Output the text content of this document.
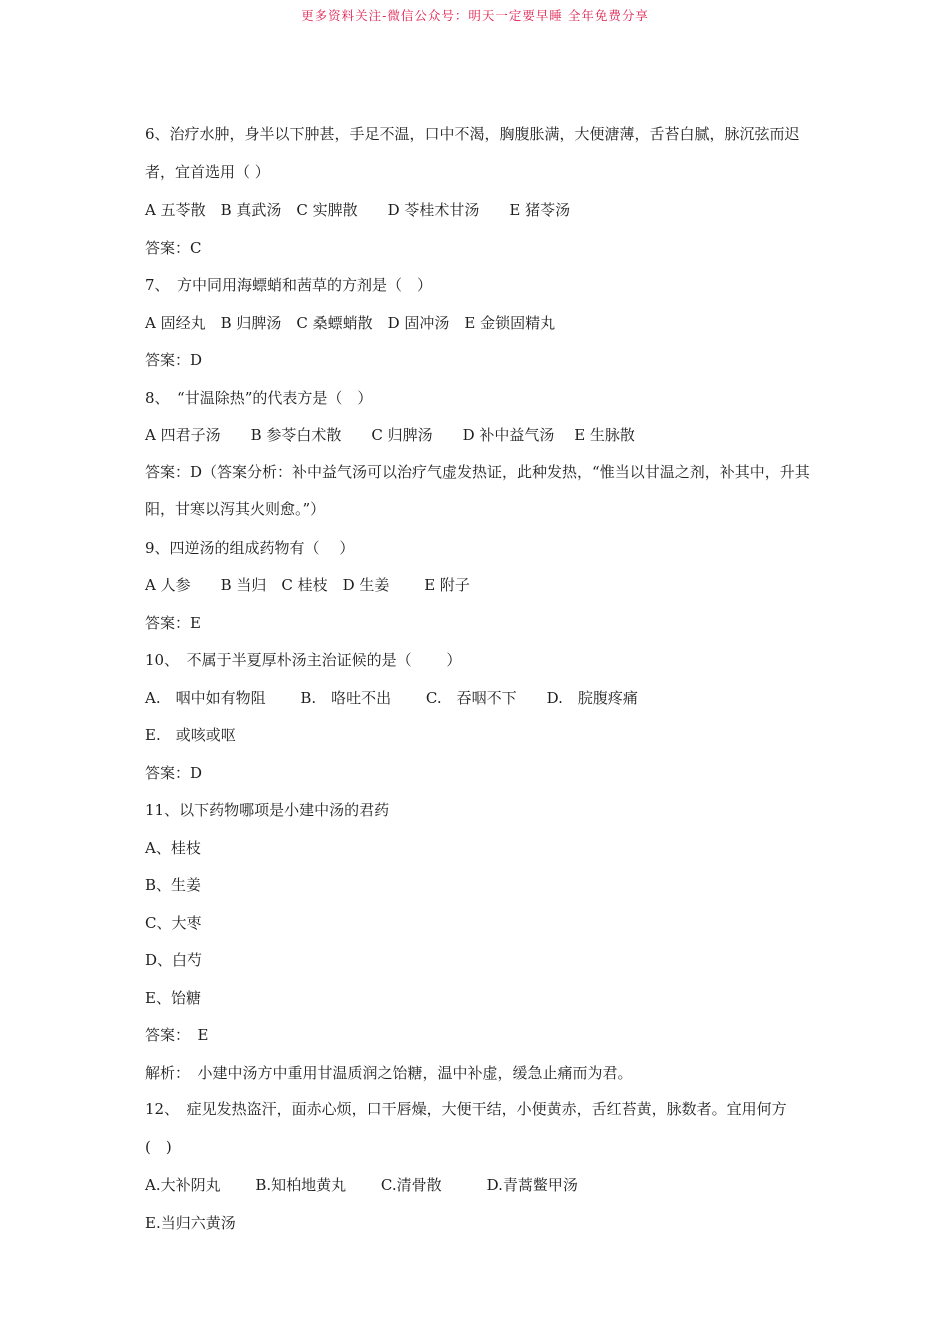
更多资料关注-微信公众号：明天一定要早睡 全年免费分享
6、治疗水肿，身半以下肿甚，手足不温，口中不渴，胸腹胀满，大便溏薄，舌苔白腻，脉沉弦而迟者，宜首选用（ ）
A 五苓散　B 真武汤　C 实脾散　　D 苓桂术甘汤　　E 猪苓汤
答案：C
7、　方中同用海螵蛸和茜草的方剂是（　）
A 固经丸　B 归脾汤　C 桑螵蛸散　D 固冲汤　E 金锁固精丸
答案：D
8、　“甘温除热”的代表方是（　）
A 四君子汤　　B 参苓白术散　　C 归脾汤　　D 补中益气汤　 E 生脉散
答案：D（答案分析：补中益气汤可以治疗气虚发热证，此种发热，“惟当以甘温之剂，补其中，升其阳，甘寒以泻其火则愈。”）
9、四逆汤的组成药物有（　 ）
A 人参　　B 当归　C 桂枝　D 生姜　　 E 附子
答案：E
10、　不属于半夏厚朴汤主治证候的是（　　 ）
A.　咽中如有物阻　　 B.　咯吐不出　　 C.　吞咽不下　　D.　脘腹疼痛
E.　或咳或呕
答案：D
11、以下药物哪项是小建中汤的君药
A、桂枝
B、生姜
C、大枣
D、白芍
E、饴糖
答案：　E
解析：　小建中汤方中重用甘温质润之饴糖，温中补虚，缓急止痛而为君。
12、　症见发热盗汗，面赤心烦，口干唇燥，大便干结，小便黄赤，舌红苔黄，脉数者。宜用何方(　)
A.大补阴丸　　 B.知柏地黄丸　　 C.清骨散　　　D.青蒿鳖甲汤
E.当归六黄汤
